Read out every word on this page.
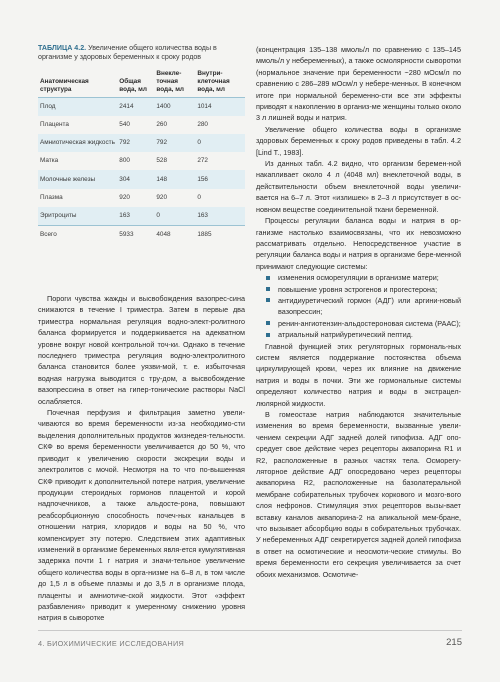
ТАБЛИЦА 4.2. Увеличение общего количества воды в организме у здоровых беременных к сроку родов
Анатомическая структура	Общая вода, мл	Внекле-точная вода, мл	Внутри-клеточная вода, мл
Плод	2414	1400	1014
Плацента	540	260	280
Амниотическая жидкость	792	792	0
Матка	800	528	272
Молочные железы	304	148	156
Плазма	920	920	0
Эритроциты	163	0	163
Всего	5933	4048	1885

Пороги чувства жажды и высвобождения вазопрес-сина снижаются в течение I триместра. Затем в первые два триместра нормальная регуляция водно-элект-ролитного баланса формируется и поддерживается на адекватном уровне вокруг новой контрольной точ-ки. Однако в течение последнего триместра регуляция водно-электролитного баланса становится более уязви-мой, т. е. избыточная водная нагрузка выводится с тру-дом, а высвобождение вазопрессина в ответ на гипер-тонические растворы NaCl ослабляется.

Почечная перфузия и фильтрация заметно увели-чиваются во время беременности из-за необходимо-сти выделения дополнительных продуктов жизнедея-тельности. СКФ во время беременности увеличивается до 50 %, что приводит к увеличению скорости экскреции воды и электролитов с мочой. Несмотря на то что по-вышенная СКФ приводит к дополнительной потере натрия, увеличение продукции стероидных гормонов плацентой и корой надпочечников, а также альдосте-рона, повышают реабсорбционную способность почеч-ных канальцев в отношении натрия, хлоридов и воды на 50 %, что компенсирует эту потерю. Следствием этих адаптивных изменений в организме беременных явля-ется кумулятивная задержка почти 1 г натрия и значи-тельное увеличение общего количества воды в орга-низме на 6–8 л, в том числе до 1,5 л в объеме плазмы и до 3,5 л в организме плода, плаценты и амниотиче-ской жидкости. Этот «эффект разбавления» приводит к умеренному снижению уровня натрия в сыворотке

(концентрация 135–138 ммоль/л по сравнению с 135–145 ммоль/л у небеременных), а также осмолярности сыворотки (нормальное значение при беременности ~280 мОсм/л по сравнению с 286–289 мОсм/л у небере-менных. В конечном итоге при нормальной беременно-сти все эти эффекты приводят к накоплению в организ-ме женщины только около 3 л лишней воды и натрия.

Увеличение общего количества воды в организме здоровых беременных к сроку родов приведены в табл. 4.2 [Lind T., 1983].

Из данных табл. 4.2 видно, что организм беремен-ной накапливает около 4 л (4048 мл) внеклеточной воды, в действительности объем внеклеточной воды увеличи-вается на 6–7 л. Этот «излишек» в 2–3 л присутствует в ос-новном веществе соединительной ткани беременной.

Процессы регуляции баланса воды и натрия в ор-ганизме настолько взаимосвязаны, что их невозможно рассматривать отдельно. Непосредственное участие в регуляции баланса воды и натрия в организме бере-менной принимают следующие системы:

изменения осморегуляции в организме матери;
повышение уровня эстрогенов и прогестерона;
антидиуретический гормон (АДГ) или аргини-новый вазопрессин;
ренин-ангиотензин-альдостероновая система (РААС);
атриальный натрийуретический пептид.

Главной функцией этих регуляторных гормональ-ных систем является поддержание постоянства объема циркулирующей крови, через их влияние на движение натрия и воды в почки. Эти же гормональные системы определяют количество натрия и воды в экстрацел-люлярной жидкости.

В гомеостазе натрия наблюдаются значительные изменения во время беременности, вызванные увели-чением секреции АДГ задней долей гипофиза. АДГ опо-средует свое действие через рецепторы аквапорина R1 и R2, расположенные в разных частях тела. Осморегу-ляторное действие АДГ опосредовано через рецепторы аквапорина R2, расположенные на базолатеральной мембране собирательных трубочек коркового и мозго-вого слоя нефронов. Стимуляция этих рецепторов вызы-вает вставку каналов аквапорина-2 на апикальной мем-бране, что вызывает абсорбцию воды в собирательных трубочках. У небеременных АДГ секретируется задней долей гипофиза в ответ на осмотические и неосмоти-ческие стимулы. Во время беременности его секреция увеличивается за счет обоих механизмов. Осмотиче-

4. БИОХИМИЧЕСКИЕ ИССЛЕДОВАНИЯ	215
